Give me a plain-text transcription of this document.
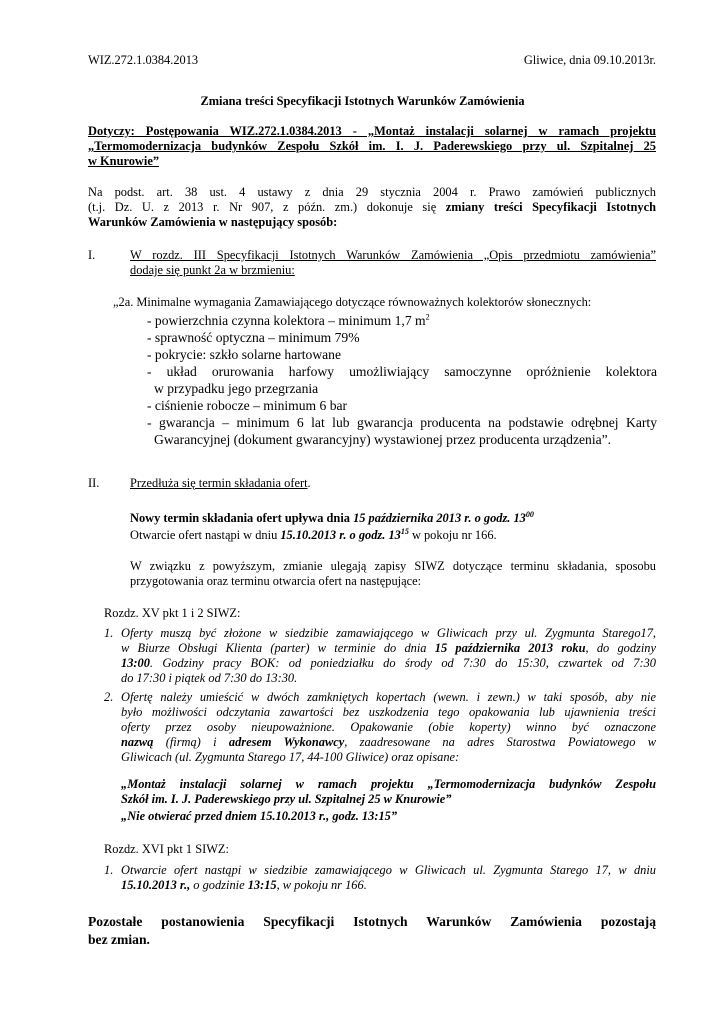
WIZ.272.1.0384.2013	Gliwice, dnia 09.10.2013r.
Zmiana treści Specyfikacji Istotnych Warunków Zamówienia
Dotyczy: Postępowania WIZ.272.1.0384.2013 - „Montaż instalacji solarnej w ramach projektu
„Termomodernizacja budynków Zespołu Szkół im. I. J. Paderewskiego przy ul. Szpitalnej 25
w Knurowie”
Na podst. art. 38 ust. 4 ustawy z dnia 29 stycznia 2004 r. Prawo zamówień publicznych
(t.j. Dz. U. z 2013 r. Nr 907, z późn. zm.) dokonuje się zmiany treści Specyfikacji Istotnych
Warunków Zamówienia w następujący sposób:
I.	W rozdz. III Specyfikacji Istotnych Warunków Zamówienia „Opis przedmiotu zamówienia”
dodaje się punkt 2a w brzmieniu:
„2a. Minimalne wymagania Zamawiającego dotyczące równoważnych kolektorów słonecznych:
- powierzchnia czynna kolektora – minimum 1,7 $m^2$
- sprawność optyczna – minimum 79%
- pokrycie: szkło solarne hartowane
- układ orurowania harfowy umożliwiający samoczynne opróżnienie kolektora
w przypadku jego przegrzania
- ciśnienie robocze – minimum 6 bar
- gwarancja – minimum 6 lat lub gwarancja producenta na podstawie odrębnej Karty
Gwarancyjnej (dokument gwarancyjny) wystawionej przez producenta urządzenia”.
II. Przedłuża się termin składania ofert.
Nowy termin składania ofert upływa dnia 15 października 2013 r. o godz. $13^{00}$
Otwarcie ofert nastąpi w dniu 15.10.2013 r. o godz. $13^{15}$ w pokoju nr 166.
W związku z powyższym, zmianie ulegają zapisy SIWZ dotyczące terminu składania, sposobu
przygotowania oraz terminu otwarcia ofert na następujące:
Rozdz. XV pkt 1 i 2 SIWZ:
1. Oferty muszą być złożone w siedzibie zamawiającego w Gliwicach przy ul. Zygmunta Starego17,
w Biurze Obsługi Klienta (parter) w terminie do dnia 15 października 2013 roku, do godziny
13:00. Godziny pracy BOK: od poniedziałku do środy od 7:30 do 15:30, czwartek od 7:30
do 17:30 i piątek od 7:30 do 13:30.
2. Ofertę należy umieścić w dwóch zamkniętych kopertach (wewn. i zewn.) w taki sposób, aby nie
było możliwości odczytania zawartości bez uszkodzenia tego opakowania lub ujawnienia treści
oferty przez osoby nieupoważnione. Opakowanie (obie koperty) winno być oznaczone
nazwą (firmą) i adresem Wykonawcy, zaadresowane na adres Starostwa Powiatowego w
Gliwicach (ul. Zygmunta Starego 17, 44-100 Gliwice) oraz opisane:
„Montaż instalacji solarnej w ramach projektu „Termomodernizacja budynków Zespołu
Szkół im. I. J. Paderewskiego przy ul. Szpitalnej 25 w Knurowie”
„Nie otwierać przed dniem 15.10.2013 r., godz. 13:15”
Rozdz. XVI pkt 1 SIWZ:
1. Otwarcie ofert nastąpi w siedzibie zamawiającego w Gliwicach ul. Zygmunta Starego 17, w dniu
15.10.2013 r., o godzinie 13:15, w pokoju nr 166.
Pozostałe postanowienia Specyfikacji Istotnych Warunków Zamówienia pozostają
bez zmian.
